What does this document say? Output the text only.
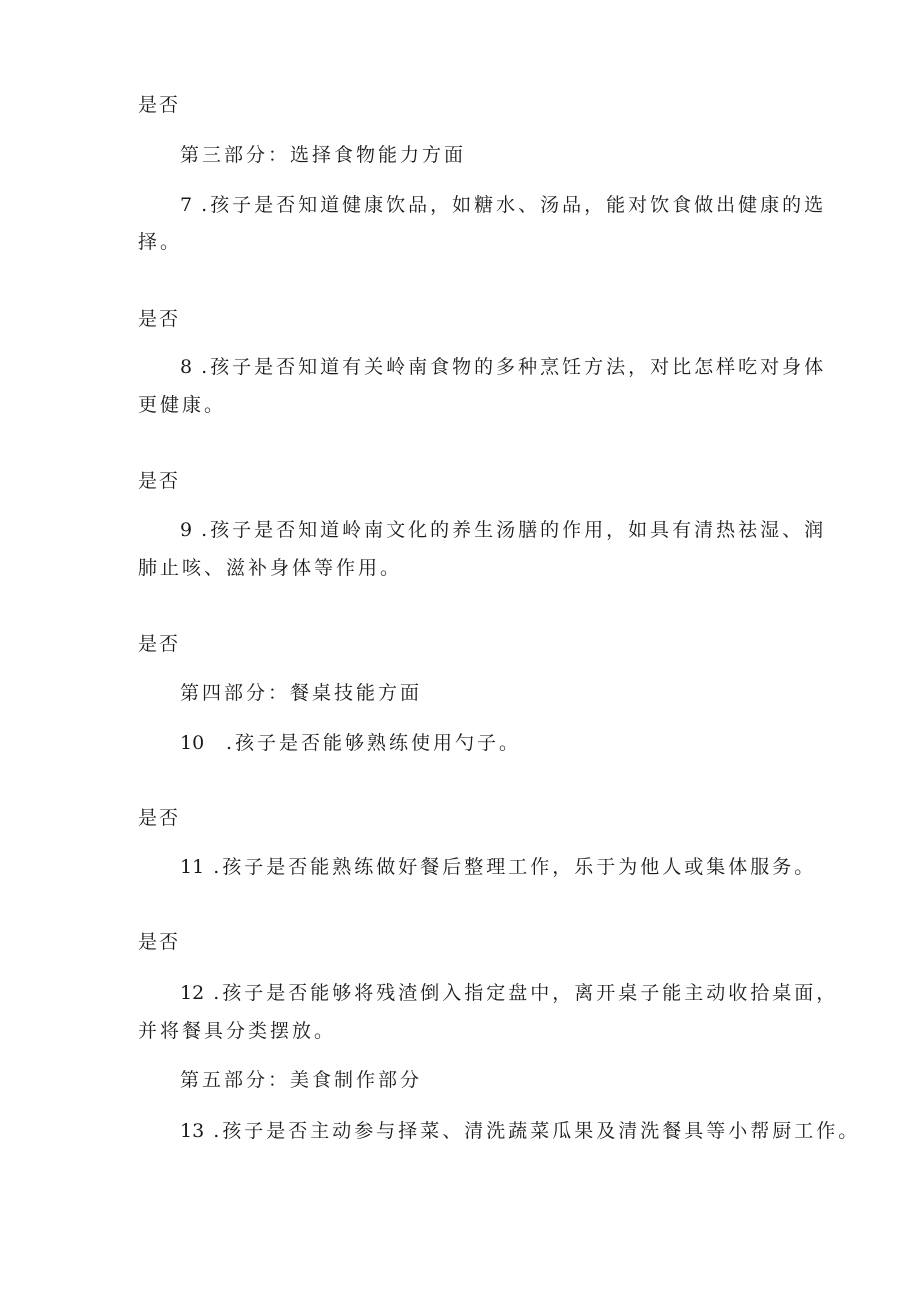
是否
第三部分：选择食物能力方面
7 .孩子是否知道健康饮品，如糖水、汤品，能对饮食做出健康的选
择。
是否
8 .孩子是否知道有关岭南食物的多种烹饪方法，对比怎样吃对身体
更健康。
是否
9 .孩子是否知道岭南文化的养生汤膳的作用，如具有清热祛湿、润
肺止咳、滋补身体等作用。
是否
第四部分：餐桌技能方面
10 .孩子是否能够熟练使用勺子。
是否
11 .孩子是否能熟练做好餐后整理工作，乐于为他人或集体服务。
是否
12 .孩子是否能够将残渣倒入指定盘中，离开桌子能主动收拾桌面，
并将餐具分类摆放。
第五部分：美食制作部分
13 .孩子是否主动参与择菜、清洗蔬菜瓜果及清洗餐具等小帮厨工作。
